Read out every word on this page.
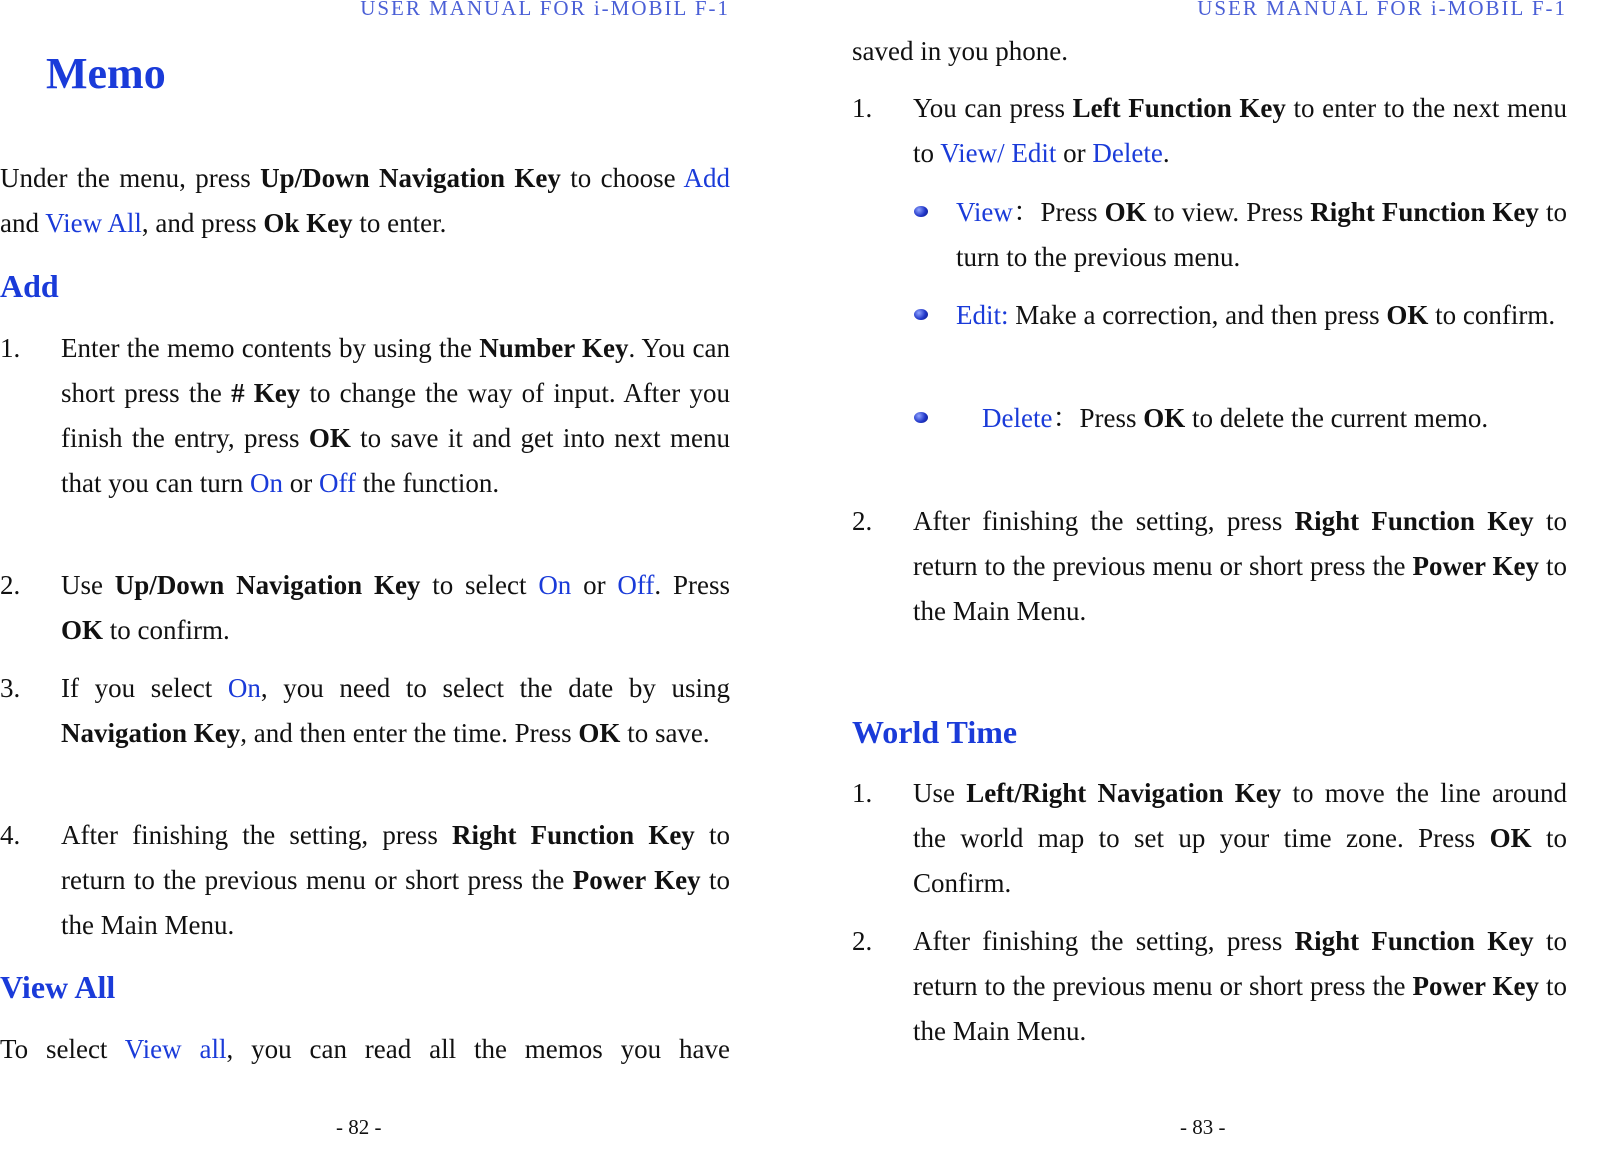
USER MANUAL FOR i-MOBIL F-1
Memo
Under the menu, press Up/Down Navigation Key to choose Add and View All, and press Ok Key to enter.
Add
1. Enter the memo contents by using the Number Key. You can short press the # Key to change the way of input. After you finish the entry, press OK to save it and get into next menu that you can turn On or Off the function.
2. Use Up/Down Navigation Key to select On or Off. Press OK to confirm.
3. If you select On, you need to select the date by using Navigation Key, and then enter the time. Press OK to save.
4. After finishing the setting, press Right Function Key to return to the previous menu or short press the Power Key to the Main Menu.
View All
To select View all, you can read all the memos you have
- 82 -
USER MANUAL FOR i-MOBIL F-1
saved in you phone.
1. You can press Left Function Key to enter to the next menu to View/ Edit or Delete.
View：Press OK to view. Press Right Function Key to turn to the previous menu.
Edit: Make a correction, and then press OK to confirm.
Delete：Press OK to delete the current memo.
2. After finishing the setting, press Right Function Key to return to the previous menu or short press the Power Key to the Main Menu.
World Time
1. Use Left/Right Navigation Key to move the line around the world map to set up your time zone. Press OK to Confirm.
2. After finishing the setting, press Right Function Key to return to the previous menu or short press the Power Key to the Main Menu.
- 83 -
